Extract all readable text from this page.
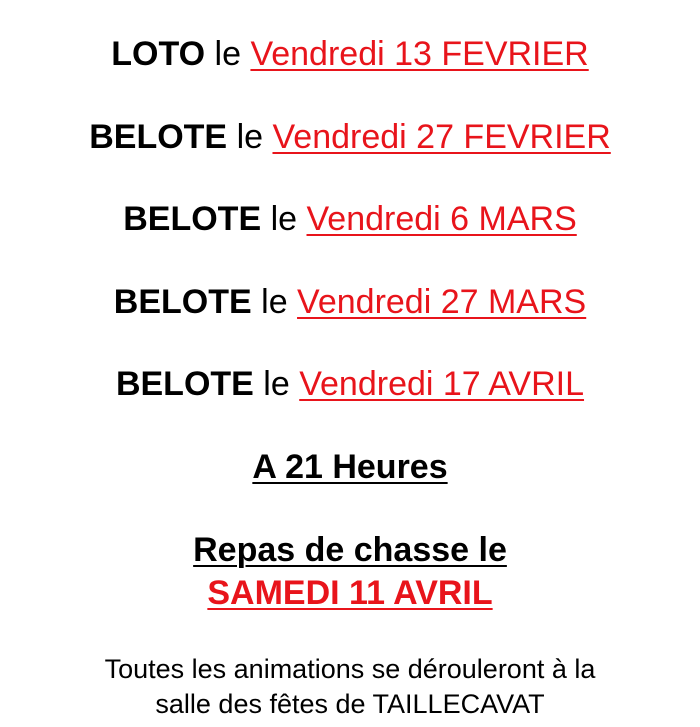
LOTO le Vendredi 13 FEVRIER
BELOTE le Vendredi 27 FEVRIER
BELOTE le Vendredi 6 MARS
BELOTE le Vendredi 27 MARS
BELOTE le Vendredi 17 AVRIL
A 21 Heures
Repas de chasse le
SAMEDI 11 AVRIL
Toutes les animations se dérouleront à la
salle des fêtes de TAILLECAVAT
